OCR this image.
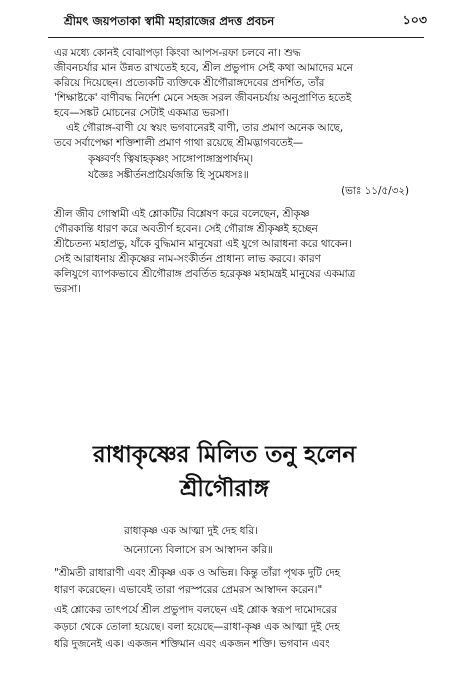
শ্রীমৎ জয়পতাকা স্বামী মহারাজের প্রদত্ত প্রবচন	১০৩
এর মধ্যে কোনই বোঝাপড়া কিংবা আপস-রফা চলবে না। শুদ্ধ
জীবনচর্যার মান উন্নত রাখতেই হবে, শ্রীল প্রভুপাদ সেই কথা আমাদের মনে
করিয়ে দিয়েছেন। প্রত্যেকটি ব্যক্তিকে শ্রীগৌরাঙ্গদেবের প্রদর্শিত, তাঁর
'শিক্ষাষ্টকে' বাণীবদ্ধ নির্দেশ মেনে সহজ সরল জীবনচর্যায় অনুপ্রাণিত হতেই
হবে—সঙ্কট মোচনের সেটাই একমাত্র ভরসা।
এই গৌরাঙ্গ-বাণী যে স্বয়ং ভগবানেরই বাণী, তার প্রমাণ অনেক আছে,
তবে সর্বাপেক্ষা শক্তিশালী প্রমাণ গাথা রয়েছে শ্রীমদ্ভাগবতেই—
কৃষ্ণবর্ণং ত্বিষাহকৃষ্ণং সাঙ্গোপাঙ্গাস্ত্রপার্ষদম্।
যজ্ঞৈঃ সঙ্কীর্তনপ্রায়ৈর্যজন্তি হি সুমেধসঃ॥
(ভাঃ ১১/৫/৩২)
শ্রীল জীব গোস্বামী এই শ্লোকটির বিশ্লেষণ করে বলেছেন, শ্রীকৃষ্ণ
গৌরকান্তি ধারণ করে অবতীর্ণ হবেন। সেই গৌরাঙ্গ শ্রীকৃষ্ণই হচ্ছেন
শ্রীচৈতন্য মহাপ্রভু, যাঁকে বুদ্ধিমান মানুষেরা এই যুগে আরাধনা করে থাকেন।
সেই আরাধনায় শ্রীকৃষ্ণের নাম-সংকীর্তন প্রাধান্য লাভ করবে। কারণ
কলিযুগে ব্যাপকভাবে শ্রীগৌরাঙ্গ প্রবর্তিত হরেকৃষ্ণ মহামন্ত্রই মানুষের একমাত্র
ভরসা।
রাধাকৃষ্ণের মিলিত তনু হলেন
শ্রীগৌরাঙ্গ
রাধাকৃষ্ণ এক আত্মা দুই দেহ ধরি।
অন্যোন্যে বিলাসে রস আস্বাদন করি॥
"শ্রীমতী রাধারাণী এবং শ্রীকৃষ্ণ এক ও অভিন্ন। কিন্তু তাঁরা পৃথক দুটি দেহ
ধারণ করেছেন। এভাবেই তারা পরস্পরের প্রেমরস আস্বাদন করেন।"
এই শ্লোকের তাৎপর্যে শ্রীল প্রভুপাদ বলছেন এই শ্লোক স্বরূপ দামোদরের
কড়চা থেকে তোলা হয়েছে। বলা হয়েছে—রাধা-কৃষ্ণ এক আত্মা দুই দেহ
ধরি দুজনেই এক। একজন শক্তিমান এবং একজন শক্তি। ভগবান এবং
